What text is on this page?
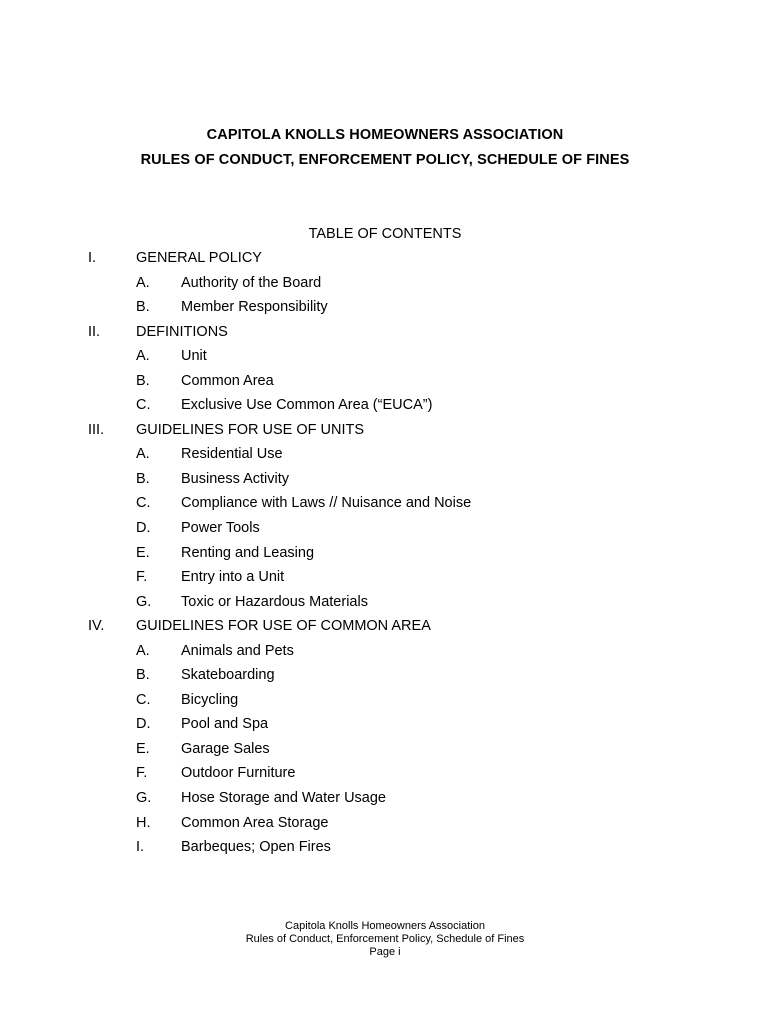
CAPITOLA KNOLLS HOMEOWNERS ASSOCIATION
RULES OF CONDUCT, ENFORCEMENT POLICY, SCHEDULE OF FINES
TABLE OF CONTENTS
I.	GENERAL POLICY
A. Authority of the Board
B. Member Responsibility
II. DEFINITIONS
A. Unit
B. Common Area
C. Exclusive Use Common Area (“EUCA”)
III. GUIDELINES FOR USE OF UNITS
A. Residential Use
B. Business Activity
C. Compliance with Laws // Nuisance and Noise
D. Power Tools
E. Renting and Leasing
F. Entry into a Unit
G. Toxic or Hazardous Materials
IV. GUIDELINES FOR USE OF COMMON AREA
A. Animals and Pets
B. Skateboarding
C. Bicycling
D. Pool and Spa
E. Garage Sales
F. Outdoor Furniture
G. Hose Storage and Water Usage
H. Common Area Storage
I.	Barbeques; Open Fires
Capitola Knolls Homeowners Association
Rules of Conduct, Enforcement Policy, Schedule of Fines
Page i
